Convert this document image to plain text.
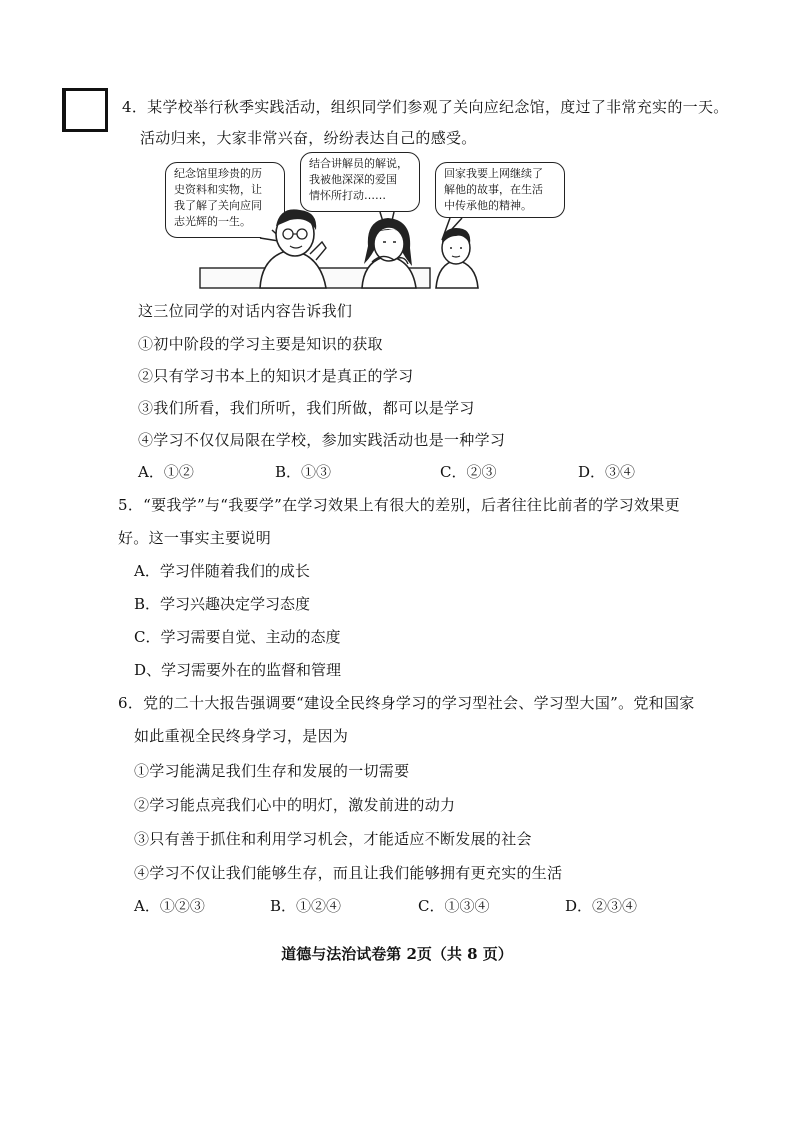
4．某学校举行秋季实践活动，组织同学们参观了关向应纪念馆，度过了非常充实的一天。
活动归来，大家非常兴奋，纷纷表达自己的感受。
纪念馆里珍贵的历
史资料和实物，让
我了解了关向应同
志光辉的一生。
结合讲解员的解说，
我被他深深的爱国
情怀所打动……
回家我要上网继续了
解他的故事，在生活
中传承他的精神。
这三位同学的对话内容告诉我们
①初中阶段的学习主要是知识的获取
②只有学习书本上的知识才是真正的学习
③我们所看，我们所听，我们所做，都可以是学习
④学习不仅仅局限在学校，参加实践活动也是一种学习
A．①②	B．①③	C．②③	D．③④
5．“要我学”与“我要学”在学习效果上有很大的差别，后者往往比前者的学习效果更
好。这一事实主要说明
A．学习伴随着我们的成长
B．学习兴趣决定学习态度
C．学习需要自觉、主动的态度
D、学习需要外在的监督和管理
6．党的二十大报告强调要“建设全民终身学习的学习型社会、学习型大国”。党和国家
如此重视全民终身学习，是因为
①学习能满足我们生存和发展的一切需要
②学习能点亮我们心中的明灯，激发前进的动力
③只有善于抓住和利用学习机会，才能适应不断发展的社会
④学习不仅让我们能够生存，而且让我们能够拥有更充实的生活
A．①②③	B．①②④	C．①③④	D．②③④
道德与法治试卷第 2页（共 8 页）
